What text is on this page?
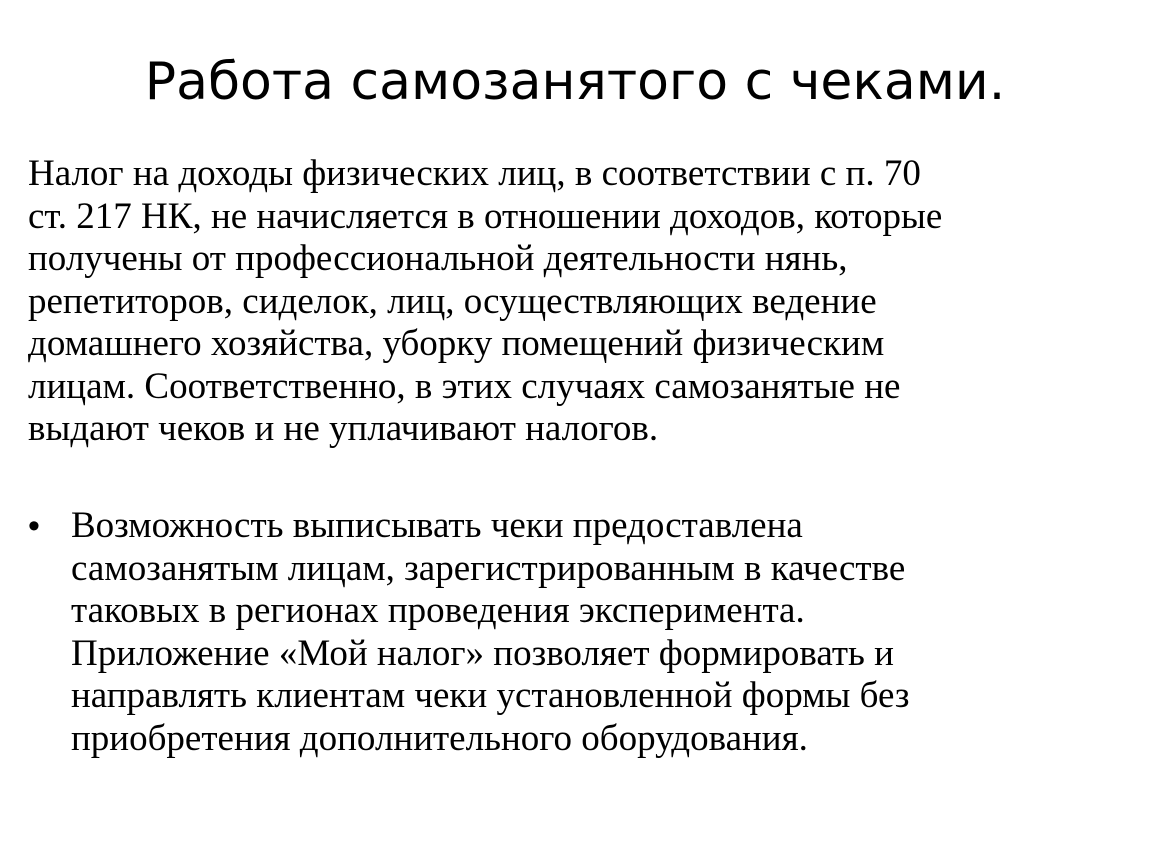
Работа самозанятого с чеками.

Налог на доходы физических лиц, в соответствии с п. 70
ст. 217 НК, не начисляется в отношении доходов, которые
получены от профессиональной деятельности нянь,
репетиторов, сиделок, лиц, осуществляющих ведение
домашнего хозяйства, уборку помещений физическим
лицам. Соответственно, в этих случаях самозанятые не
выдают чеков и не уплачивают налогов.

• Возможность выписывать чеки предоставлена
самозанятым лицам, зарегистрированным в качестве
таковых в регионах проведения эксперимента.
Приложение «Мой налог» позволяет формировать и
направлять клиентам чеки установленной формы без
приобретения дополнительного оборудования.
